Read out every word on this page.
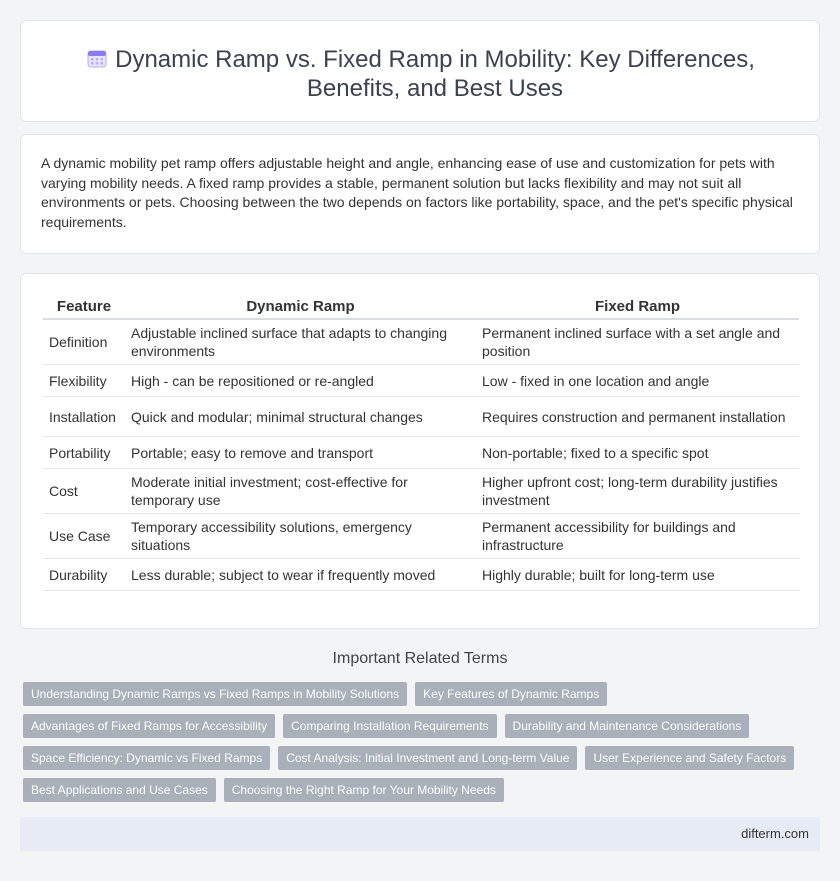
Dynamic Ramp vs. Fixed Ramp in Mobility: Key Differences, Benefits, and Best Uses

A dynamic mobility pet ramp offers adjustable height and angle, enhancing ease of use and customization for pets with varying mobility needs. A fixed ramp provides a stable, permanent solution but lacks flexibility and may not suit all environments or pets. Choosing between the two depends on factors like portability, space, and the pet's specific physical requirements.

Feature	Dynamic Ramp	Fixed Ramp
Definition	Adjustable inclined surface that adapts to changing environments	Permanent inclined surface with a set angle and position
Flexibility	High - can be repositioned or re-angled	Low - fixed in one location and angle
Installation	Quick and modular; minimal structural changes	Requires construction and permanent installation
Portability	Portable; easy to remove and transport	Non-portable; fixed to a specific spot
Cost	Moderate initial investment; cost-effective for temporary use	Higher upfront cost; long-term durability justifies investment
Use Case	Temporary accessibility solutions, emergency situations	Permanent accessibility for buildings and infrastructure
Durability	Less durable; subject to wear if frequently moved	Highly durable; built for long-term use
Important Related Terms
Understanding Dynamic Ramps vs Fixed Ramps in Mobility Solutions	Key Features of Dynamic Ramps
Advantages of Fixed Ramps for Accessibility	Comparing Installation Requirements	Durability and Maintenance Considerations
Space Efficiency: Dynamic vs Fixed Ramps	Cost Analysis: Initial Investment and Long-term Value	User Experience and Safety Factors
Best Applications and Use Cases	Choosing the Right Ramp for Your Mobility Needs
difterm.com
